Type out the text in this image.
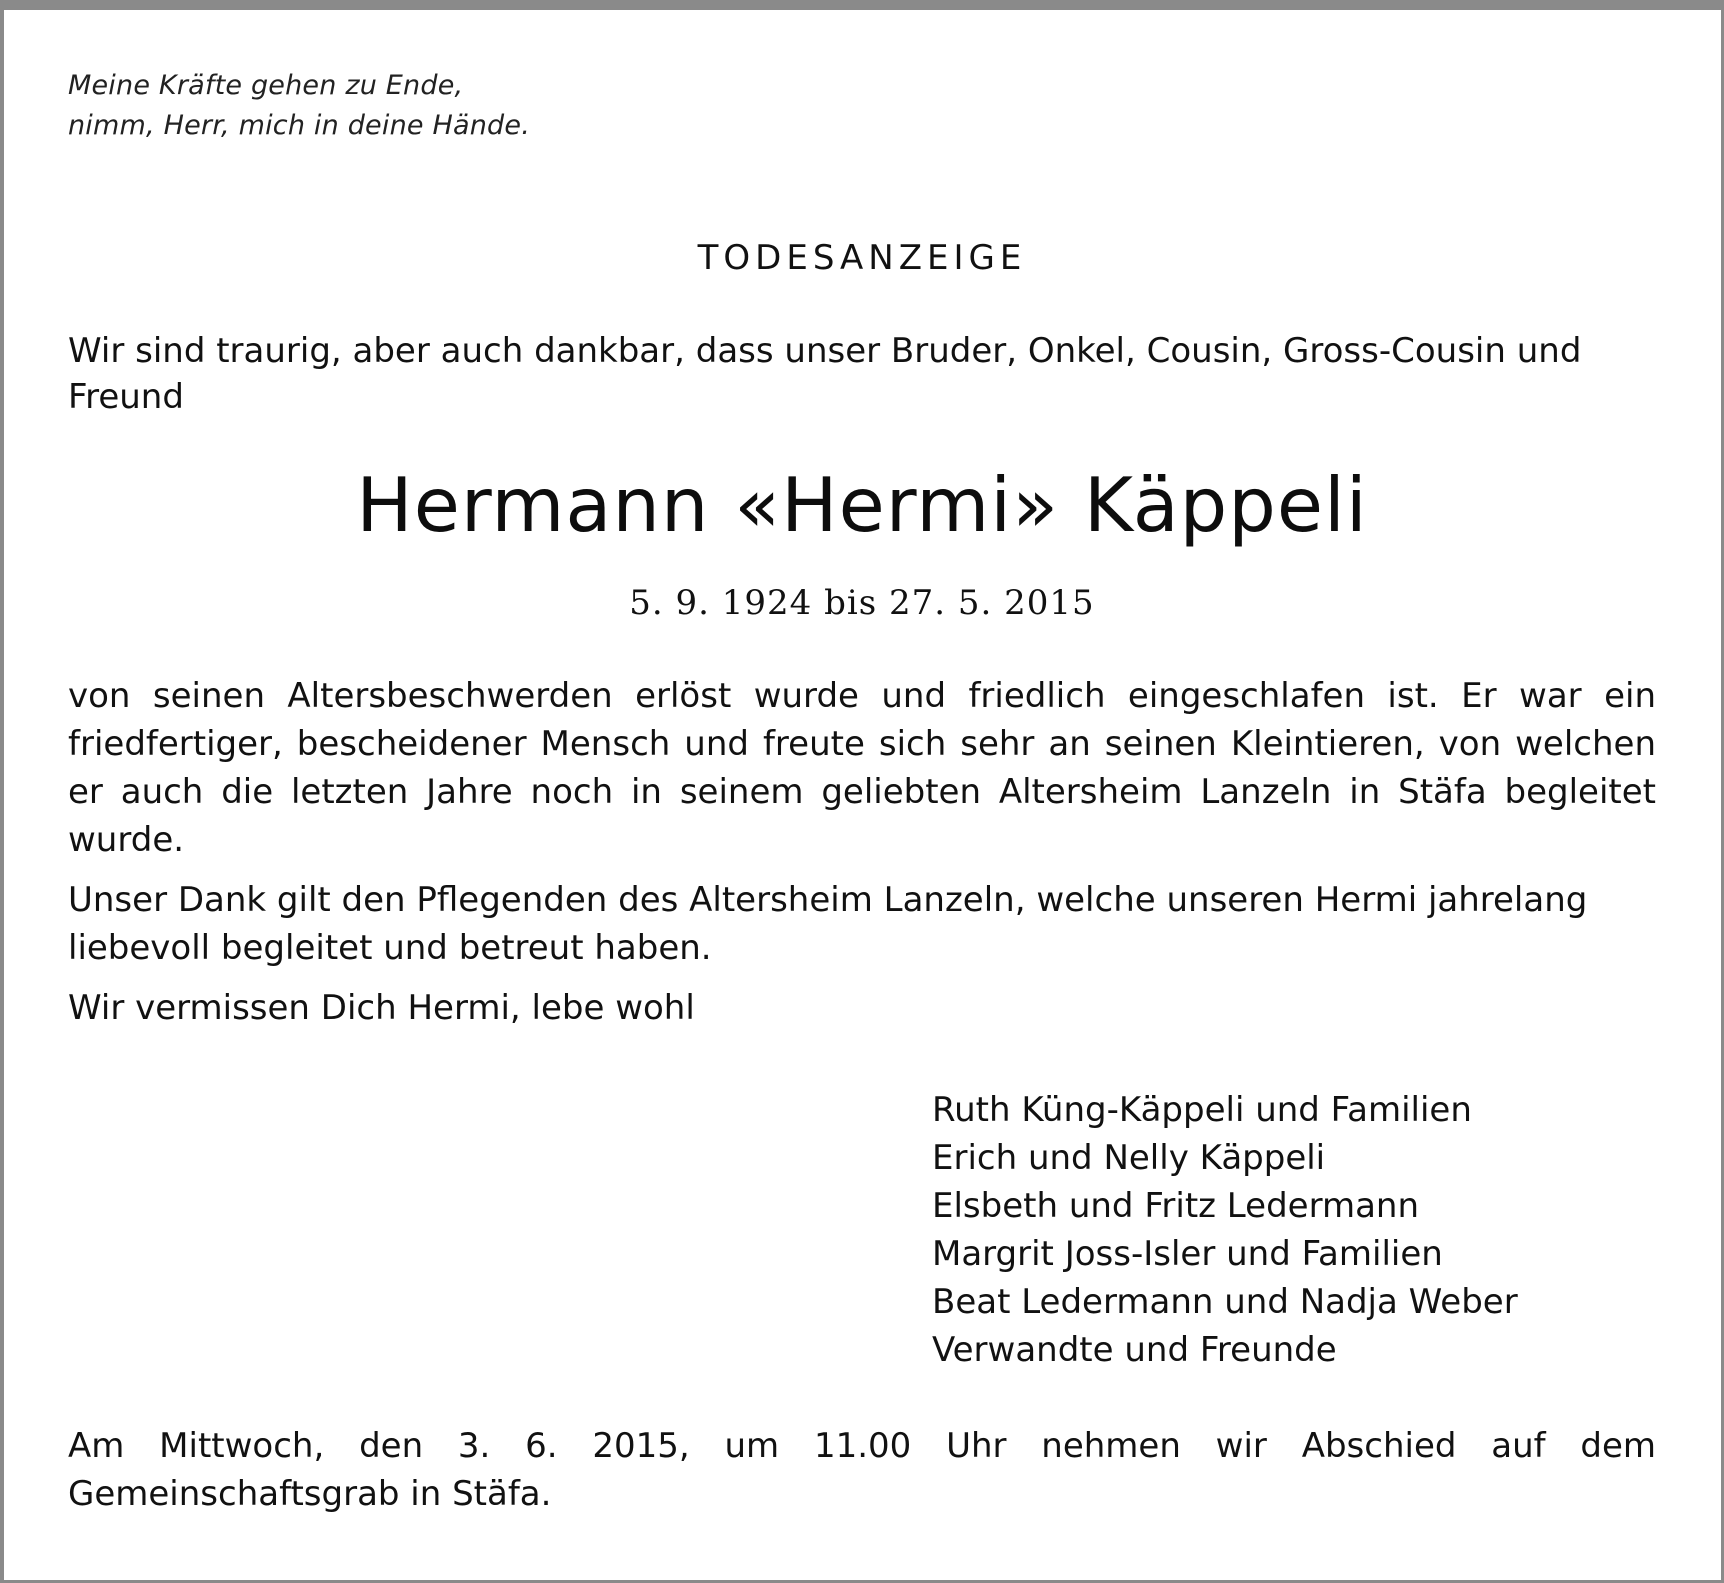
Meine Kräfte gehen zu Ende,
nimm, Herr, mich in deine Hände.
TODESANZEIGE
Wir sind traurig, aber auch dankbar, dass unser Bruder, Onkel, Cousin, Gross-Cousin und Freund
Hermann «Hermi» Käppeli
5. 9. 1924 bis 27. 5. 2015

von seinen Altersbeschwerden erlöst wurde und friedlich eingeschlafen ist. Er war ein friedfertiger, bescheidener Mensch und freute sich sehr an seinen Kleintieren, von welchen er auch die letzten Jahre noch in seinem geliebten Altersheim Lanzeln in Stäfa begleitet wurde.

Unser Dank gilt den Pflegenden des Altersheim Lanzeln, welche unseren Hermi jahrelang liebevoll begleitet und betreut haben.

Wir vermissen Dich Hermi, lebe wohl

Ruth Küng-Käppeli und Familien
Erich und Nelly Käppeli
Elsbeth und Fritz Ledermann
Margrit Joss-Isler und Familien
Beat Ledermann und Nadja Weber
Verwandte und Freunde
Am Mittwoch, den 3. 6. 2015, um 11.00 Uhr nehmen wir Abschied auf dem Gemeinschaftsgrab in Stäfa.
